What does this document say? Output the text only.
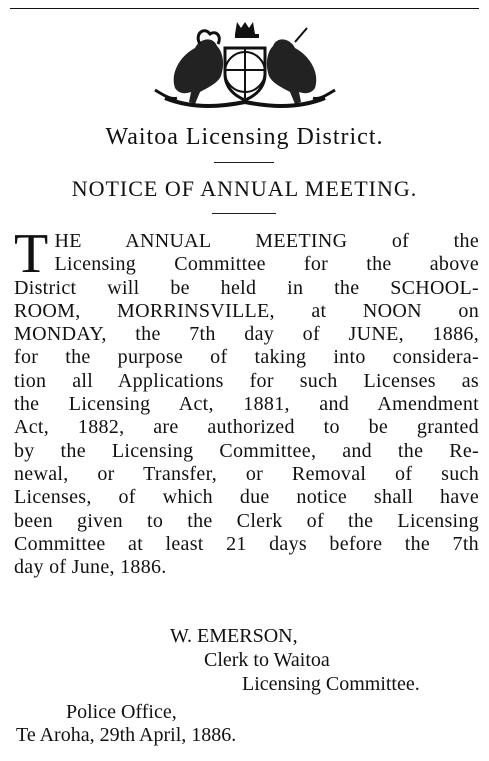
Waitoa Licensing District.
NOTICE OF ANNUAL MEETING.
T HE ANNUAL MEETING of the
Licensing Committee for the above
District will be held in the SCHOOL-
ROOM, MORRINSVILLE, at NOON on
MONDAY, the 7th day of JUNE, 1886,
for the purpose of taking into considera-
tion all Applications for such Licenses as
the Licensing Act, 1881, and Amendment
Act, 1882, are authorized to be granted
by the Licensing Committee, and the Re-
newal, or Transfer, or Removal of such
Licenses, of which due notice shall have
been given to the Clerk of the Licensing
Committee at least 21 days before the 7th
day of June, 1886.
W. EMERSON,
Clerk to Waitoa
Licensing Committee.
Police Office,
Te Aroha, 29th April, 1886.
